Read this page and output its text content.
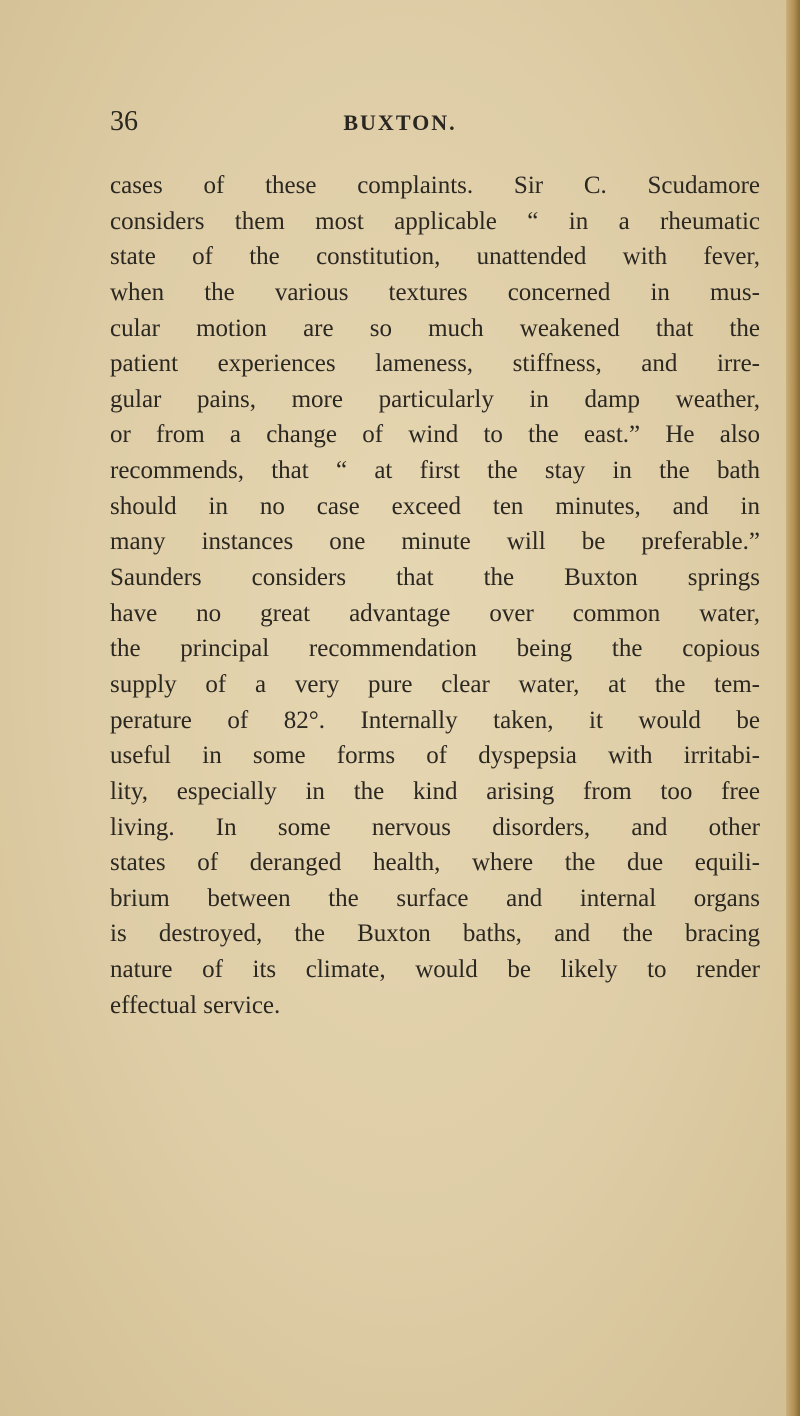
36	BUXTON.
cases of these complaints. Sir C. Scudamore
considers them most applicable “ in a rheumatic
state of the constitution, unattended with fever,
when the various textures concerned in mus-
cular motion are so much weakened that the
patient experiences lameness, stiffness, and irre-
gular pains, more particularly in damp weather,
or from a change of wind to the east.” He also
recommends, that “ at first the stay in the bath
should in no case exceed ten minutes, and in
many instances one minute will be preferable.”
Saunders considers that the Buxton springs
have no great advantage over common water,
the principal recommendation being the copious
supply of a very pure clear water, at the tem-
perature of 82°. Internally taken, it would be
useful in some forms of dyspepsia with irritabi-
lity, especially in the kind arising from too free
living. In some nervous disorders, and other
states of deranged health, where the due equili-
brium between the surface and internal organs
is destroyed, the Buxton baths, and the bracing
nature of its climate, would be likely to render
effectual service.
